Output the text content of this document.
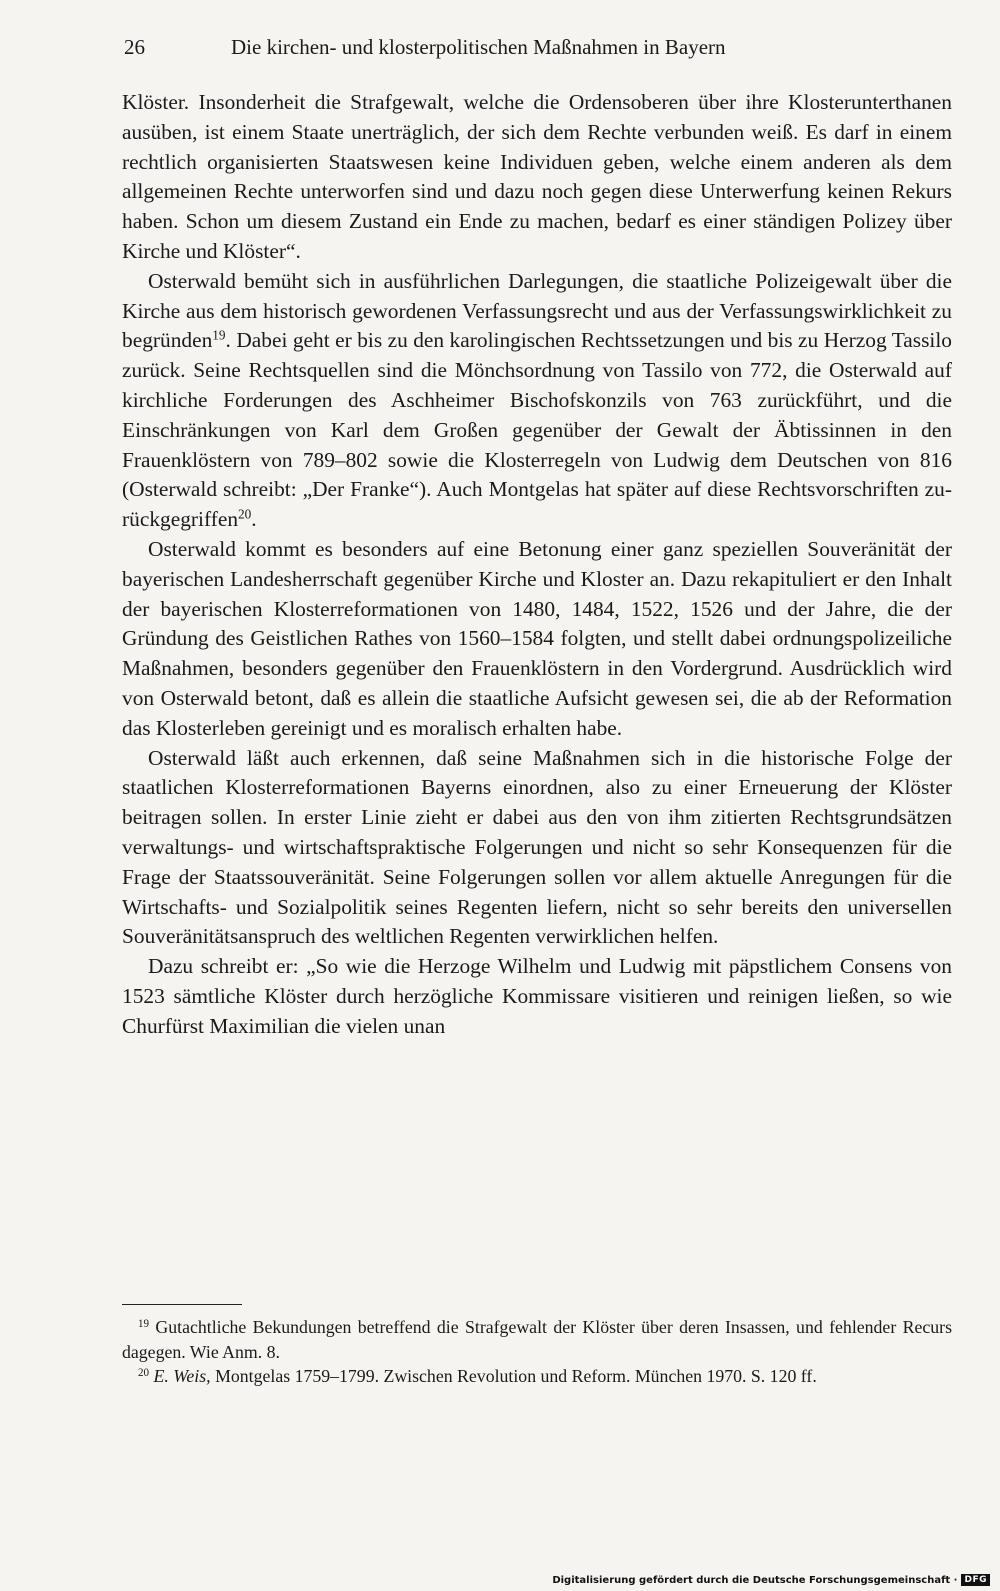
26	Die kirchen- und klosterpolitischen Maßnahmen in Bayern

Klöster. Insonderheit die Strafgewalt, welche die Ordensoberen über ihre Klosterunterthanen ausüben, ist einem Staate unerträglich, der sich dem Rechte verbunden weiß. Es darf in einem rechtlich organisierten Staatswesen keine Individuen geben, welche einem anderen als dem allgemeinen Rechte unterworfen sind und dazu noch gegen diese Unterwerfung keinen Rekurs haben. Schon um diesem Zustand ein Ende zu machen, bedarf es einer ständigen Polizey über Kirche und Klöster“.

Osterwald bemüht sich in ausführlichen Darlegungen, die staatliche Polizeigewalt über die Kirche aus dem historisch gewordenen Verfassungsrecht und aus der Verfassungswirklichkeit zu begründen$^{19}$. Dabei geht er bis zu den karolingischen Rechtssetzungen und bis zu Herzog Tassilo zurück. Seine Rechtsquellen sind die Mönchsordnung von Tassilo von 772, die Osterwald auf kirchliche Forderungen des Aschheimer Bischofskonzils von 763 zurückführt, und die Einschränkungen von Karl dem Großen gegenüber der Gewalt der Äbtissinnen in den Frauenklöstern von 789–802 sowie die Klosterregeln von Ludwig dem Deutschen von 816 (Osterwald schreibt: „Der Franke“). Auch Montgelas hat später auf diese Rechtsvorschriften zurückgegriffen$^{20}$.

Osterwald kommt es besonders auf eine Betonung einer ganz speziellen Souveränität der bayerischen Landesherrschaft gegenüber Kirche und Kloster an. Dazu rekapituliert er den Inhalt der bayerischen Klosterreformationen von 1480, 1484, 1522, 1526 und der Jahre, die der Gründung des Geistlichen Rathes von 1560–1584 folgten, und stellt dabei ordnungspolizeiliche Maßnahmen, besonders gegenüber den Frauenklöstern in den Vordergrund. Ausdrücklich wird von Osterwald betont, daß es allein die staatliche Aufsicht gewesen sei, die ab der Reformation das Klosterleben gereinigt und es moralisch erhalten habe.

Osterwald läßt auch erkennen, daß seine Maßnahmen sich in die historische Folge der staatlichen Klosterreformationen Bayerns einordnen, also zu einer Erneuerung der Klöster beitragen sollen. In erster Linie zieht er dabei aus den von ihm zitierten Rechtsgrundsätzen verwaltungs- und wirtschaftspraktische Folgerungen und nicht so sehr Konsequenzen für die Frage der Staatssouveränität. Seine Folgerungen sollen vor allem aktuelle Anregungen für die Wirtschafts- und Sozialpolitik seines Regenten liefern, nicht so sehr bereits den universellen Souveränitätsanspruch des weltlichen Regenten verwirklichen helfen.

Dazu schreibt er: „So wie die Herzoge Wilhelm und Ludwig mit päpstlichem Consens von 1523 sämtliche Klöster durch herzögliche Kommissare visitieren und reinigen ließen, so wie Churfürst Maximilian die vielen unan

$^{19}$ Gutachtliche Bekundungen betreffend die Strafgewalt der Klöster über deren Insassen, und fehlender Recurs dagegen. Wie Anm. 8.

$^{20}$ E. Weis, Montgelas 1759–1799. Zwischen Revolution und Reform. München 1970. S. 120 ff.

Digitalisierung gefördert durch die Deutsche Forschungsgemeinschaft · DFG
